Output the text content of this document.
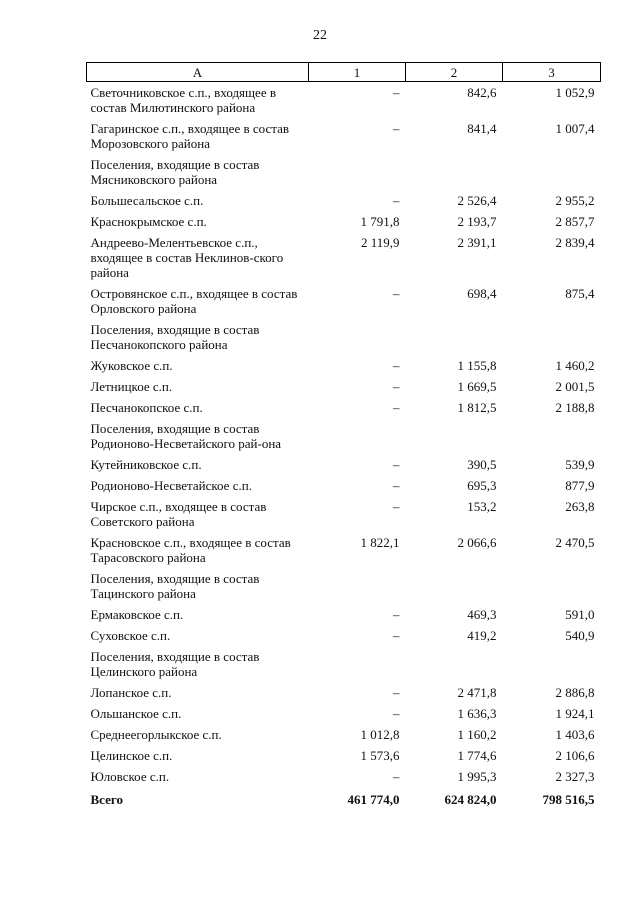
22
А	1	2	3
Светочниковское с.п., входящее в состав Милютинского района	–	842,6	1 052,9
Гагаринское с.п., входящее в состав Морозовского района	–	841,4	1 007,4
Поселения, входящие в состав Мясниковского района			
Большесальское с.п.	–	2 526,4	2 955,2
Краснокрымское с.п.	1 791,8	2 193,7	2 857,7
Андреево-Мелентьевское с.п., входящее в состав Неклинов-ского района	2 119,9	2 391,1	2 839,4
Островянское с.п., входящее в состав Орловского района	–	698,4	875,4
Поселения, входящие в состав Песчанокопского района			
Жуковское с.п.	–	1 155,8	1 460,2
Летницкое с.п.	–	1 669,5	2 001,5
Песчанокопское с.п.	–	1 812,5	2 188,8
Поселения, входящие в состав Родионово-Несветайского рай-она			
Кутейниковское с.п.	–	390,5	539,9
Родионово-Несветайское с.п.	–	695,3	877,9
Чирское с.п., входящее в состав Советского района	–	153,2	263,8
Красновское с.п., входящее в состав Тарасовского района	1 822,1	2 066,6	2 470,5
Поселения, входящие в состав Тацинского района			
Ермаковское с.п.	–	469,3	591,0
Суховское с.п.	–	419,2	540,9
Поселения, входящие в состав Целинского района			
Лопанское с.п.	–	2 471,8	2 886,8
Ольшанское с.п.	–	1 636,3	1 924,1
Среднеегорлыкское с.п.	1 012,8	1 160,2	1 403,6
Целинское с.п.	1 573,6	1 774,6	2 106,6
Юловское с.п.	–	1 995,3	2 327,3
Всего	461 774,0	624 824,0	798 516,5
